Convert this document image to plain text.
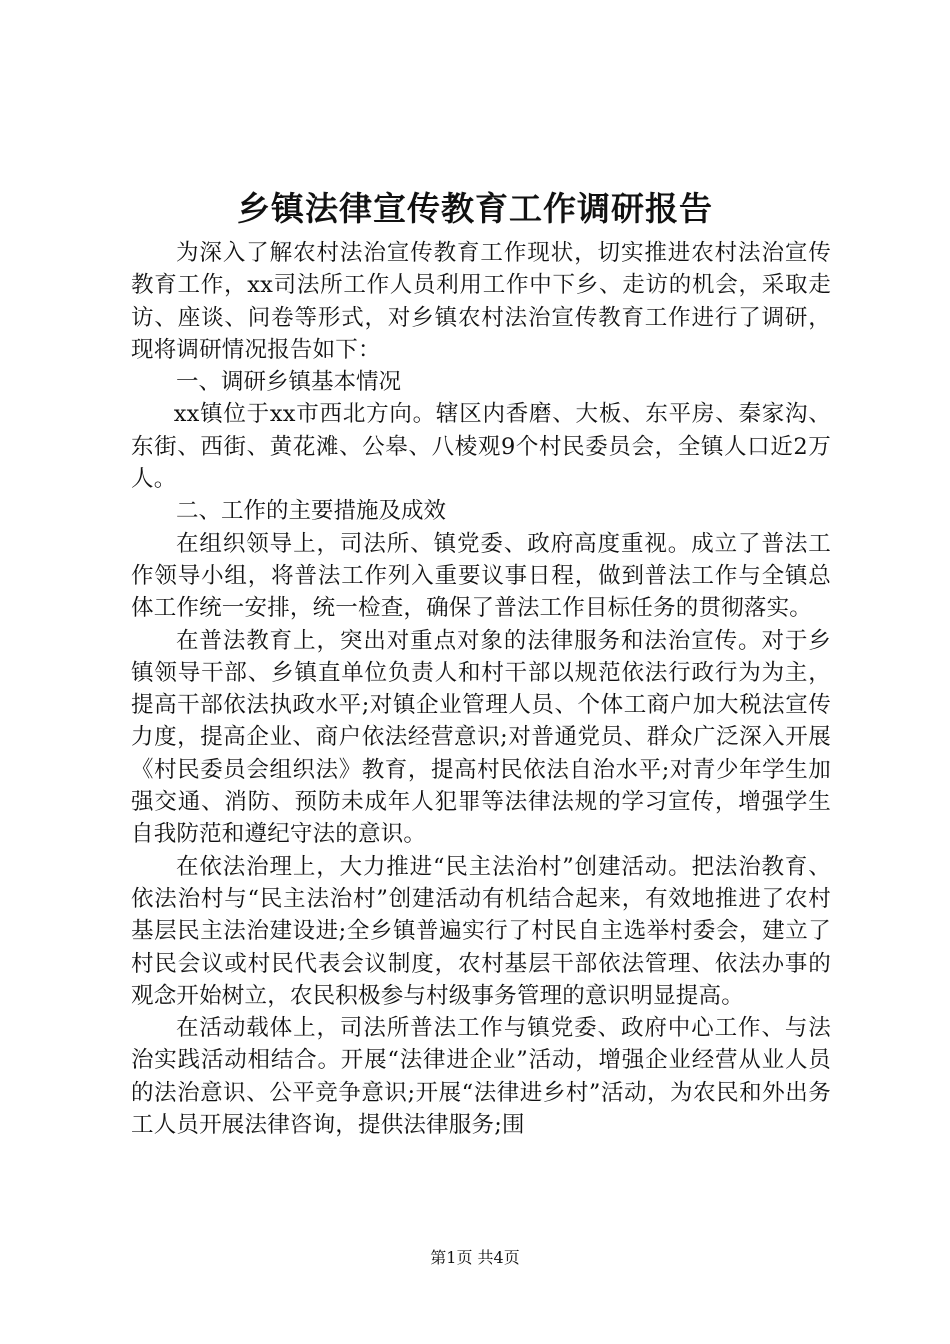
乡镇法律宣传教育工作调研报告

为深入了解农村法治宣传教育工作现状，切实推进农村法治宣传教育工作，xx司法所工作人员利用工作中下乡、走访的机会，采取走访、座谈、问卷等形式，对乡镇农村法治宣传教育工作进行了调研，现将调研情况报告如下：

一、调研乡镇基本情况

xx镇位于xx市西北方向。辖区内香磨、大板、东平房、秦家沟、东街、西街、黄花滩、公皋、八棱观9个村民委员会，全镇人口近2万人。

二、工作的主要措施及成效

在组织领导上，司法所、镇党委、政府高度重视。成立了普法工作领导小组，将普法工作列入重要议事日程，做到普法工作与全镇总体工作统一安排，统一检查，确保了普法工作目标任务的贯彻落实。

在普法教育上，突出对重点对象的法律服务和法治宣传。对于乡镇领导干部、乡镇直单位负责人和村干部以规范依法行政行为为主，提高干部依法执政水平;对镇企业管理人员、个体工商户加大税法宣传力度，提高企业、商户依法经营意识;对普通党员、群众广泛深入开展《村民委员会组织法》教育，提高村民依法自治水平;对青少年学生加强交通、消防、预防未成年人犯罪等法律法规的学习宣传，增强学生自我防范和遵纪守法的意识。

在依法治理上，大力推进“民主法治村”创建活动。把法治教育、依法治村与“民主法治村”创建活动有机结合起来，有效地推进了农村基层民主法治建设进;全乡镇普遍实行了村民自主选举村委会，建立了村民会议或村民代表会议制度，农村基层干部依法管理、依法办事的观念开始树立，农民积极参与村级事务管理的意识明显提高。

在活动载体上，司法所普法工作与镇党委、政府中心工作、与法治实践活动相结合。开展“法律进企业”活动，增强企业经营从业人员的法治意识、公平竞争意识;开展“法律进乡村”活动，为农民和外出务工人员开展法律咨询，提供法律服务;围

第1页 共4页
